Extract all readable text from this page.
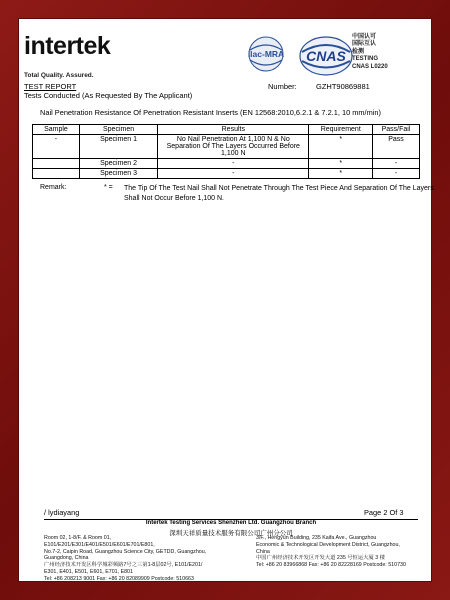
intertek
Total Quality. Assured.
TEST REPORT
Tests Conducted (As Requested By The Applicant)
Number:	GZHT90869881
ilac-MRA CNAS
中国认可
国际互认
检测
TESTING
CNAS L0220
Nail Penetration Resistance Of Penetration Resistant Inserts (EN 12568:2010,6.2.1 & 7.2.1, 10 mm/min)
Sample	Specimen	Results	Requirement	Pass/Fail
-	Specimen 1	No Nail Penetration At 1,100 N & No Separation Of The Layers Occurred Before 1,100 N	*	Pass
	Specimen 2	-	*	-
	Specimen 3	-	*	-
Remark:	* = The Tip Of The Test Nail Shall Not Penetrate Through The Test Piece And Separation Of The Layers Shall Not Occur Before 1,100 N.
/ lydiayang	Page 2 Of 3
Intertek Testing Services Shenzhen Ltd. Guangzhou Branch
深圳天祥质量技术服务有限公司广州分公司
Room 02, 1-8/F. & Room 01, E101/E201/E301/E401/E501/E601/E701/E801,
No.7-2, Caipin Road, Guangzhou Science City, GETDD, Guangzhou, Guangdong, China
广州经济技术开发区科学城彩频路7号之三第1-8层02号, E101/E201/
E301, E401, E501, E601, E701, E801
Tel: +86 208213 9001 Fax: +86 20 82089909 Postcode: 510663
3/F., Hengyun Building, 235 Kaifa Ave., Guangzhou
Economic & Technological Development District, Guangzhou,
China
中国广州经济技术开发区开发大道 235 号恒运大厦 3 楼
Tel: +86 20 83966868 Fax: +86 20 82228169 Postcode: 510730
